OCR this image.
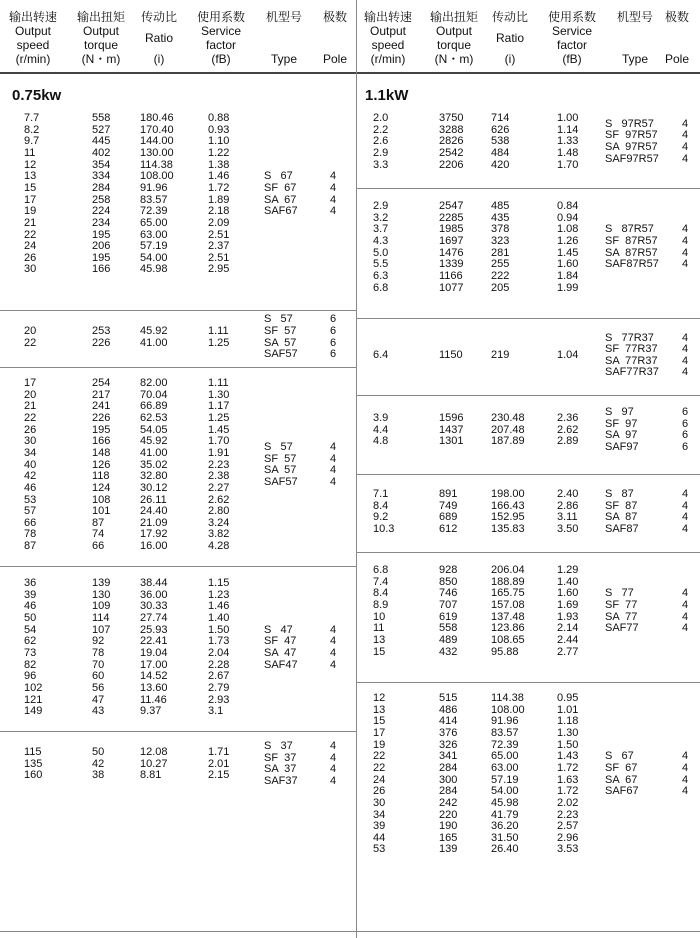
输出转速
Output
speed
(r/min)
输出扭矩
Output
torque
(N・m)
传动比
Ratio
(i)
使用系数
Service
factor
(fB)
机型号
Type
极数
Pole
0.75kw
7.7	558	180.46	0.88
8.2	527	170.40	0.93
9.7	445	144.00	1.10
11	402	130.00	1.22
12	354	114.38	1.38
13	334	108.00	1.46
15	284	91.96	1.72
17	258	83.57	1.89
19	224	72.39	2.18
21	234	65.00	2.09
22	195	63.00	2.51
24	206	57.19	2.37
26	195	54.00	2.51
30	166	45.98	2.95
S   67	4
SF  67	4
SA  67	4
SAF67	4
20	253	45.92	1.11
22	226	41.00	1.25
S   57	6
SF  57	6
SA  57	6
SAF57	6
17	254	82.00	1.11
20	217	70.04	1.30
21	241	66.89	1.17
22	226	62.53	1.25
26	195	54.05	1.45
30	166	45.92	1.70
34	148	41.00	1.91
40	126	35.02	2.23
42	118	32.80	2.38
46	124	30.12	2.27
53	108	26.11	2.62
57	101	24.40	2.80
66	87	21.09	3.24
78	74	17.92	3.82
87	66	16.00	4.28
S   57	4
SF  57	4
SA  57	4
SAF57	4
36	139	38.44	1.15
39	130	36.00	1.23
46	109	30.33	1.46
50	114	27.74	1.40
54	107	25.93	1.50
62	92	22.41	1.73
73	78	19.04	2.04
82	70	17.00	2.28
96	60	14.52	2.67
102	56	13.60	2.79
121	47	11.46	2.93
149	43	9.37	3.1
S   47	4
SF  47	4
SA  47	4
SAF47	4
115	50	12.08	1.71
135	42	10.27	2.01
160	38	8.81	2.15
S   37	4
SF  37	4
SA  37	4
SAF37	4
输出转速
Output
speed
(r/min)
输出扭矩
Output
torque
(N・m)
传动比
Ratio
(i)
使用系数
Service
factor
(fB)
机型号
Type
极数
Pole
1.1kW
2.0	3750	714	1.00
2.2	3288	626	1.14
2.6	2826	538	1.33
2.9	2542	484	1.48
3.3	2206	420	1.70
S   97R57	4
SF  97R57 4
SA  97R57 4
SAF97R57 4
2.9	2547	485	0.84
3.2	2285	435	0.94
3.7	1985	378	1.08
4.3	1697	323	1.26
5.0	1476	281	1.45
5.5	1339	255	1.60
6.3	1166	222	1.84
6.8	1077	205	1.99
S   87R57	4
SF  87R57 4
SA  87R57 4
SAF87R57 4
6.4	1150	219	1.04
S   77R37	4
SF  77R37 4
SA  77R37 4
SAF77R37 4
3.9	1596	230.48	2.36
4.4	1437	207.48	2.62
4.8	1301	187.89	2.89
S   97	6
SF  97	6
SA  97	6
SAF97	6
7.1	891	198.00	2.40
8.4	749	166.43	2.86
9.2	689	152.95	3.11
10.3	612	135.83	3.50
S   87	4
SF  87	4
SA  87	4
SAF87	4
6.8	928	206.04	1.29
7.4	850	188.89	1.40
8.4	746	165.75	1.60
8.9	707	157.08	1.69
10	619	137.48	1.93
11	558	123.86	2.14
13	489	108.65	2.44
15	432	95.88	2.77
S   77	4
SF  77	4
SA  77	4
SAF77	4
12	515	114.38	0.95
13	486	108.00	1.01
15	414	91.96	1.18
17	376	83.57	1.30
19	326	72.39	1.50
22	341	65.00	1.43
22	284	63.00	1.72
24	300	57.19	1.63
26	284	54.00	1.72
30	242	45.98	2.02
34	220	41.79	2.23
39	190	36.20	2.57
44	165	31.50	2.96
53	139	26.40	3.53
S   67	4
SF  67	4
SA  67	4
SAF67	4
